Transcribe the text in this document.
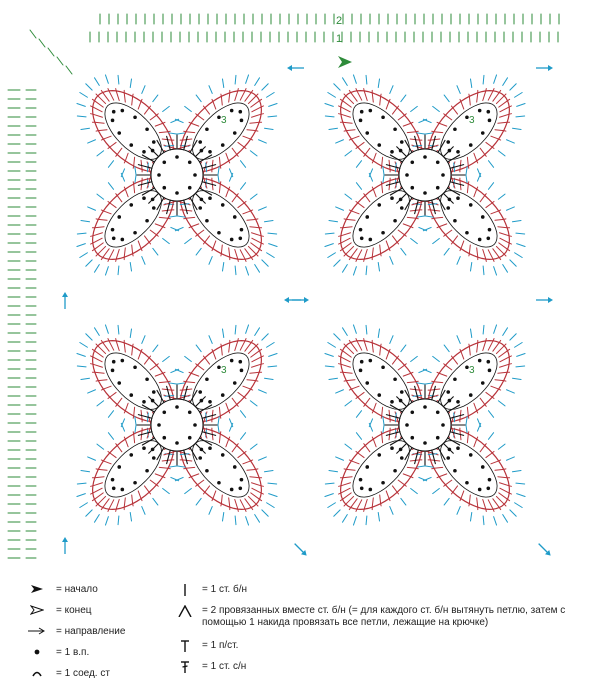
2
1
3	3
3	3
= начало
= конец
= направление
= 1 в.п.
= 1 соед. ст
= 1 ст. б/н
= 2 провязанных вместе ст. б/н (= для каждого ст. б/н вытянуть петлю, затем с помощью 1 накида провязать все петли, лежащие на крючке)
= 1 п/ст.
= 1 ст. с/н
